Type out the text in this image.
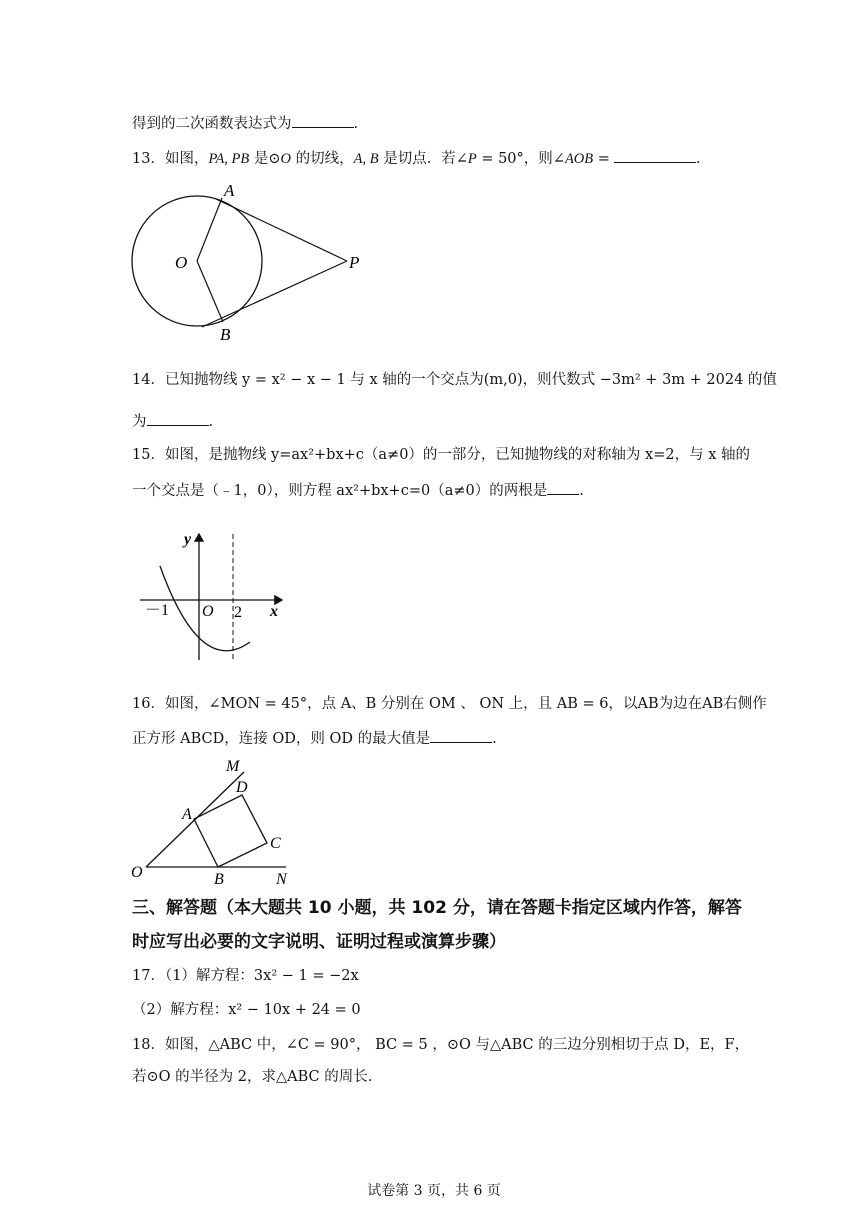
得到的二次函数表达式为	.
13．如图，PA, PB 是⊙O 的切线，A, B 是切点．若∠P = 50°，则∠AOB =	.
A
O	P
B
14．已知抛物线 y = x² − x − 1 与 x 轴的一个交点为(m,0)，则代数式 −3m² + 3m + 2024 的值
为	.
15．如图，是抛物线 y=ax²+bx+c（a≠0）的一部分，已知抛物线的对称轴为 x=2，与 x 轴的
一个交点是（﹣1，0），则方程 ax²+bx+c=0（a≠0）的两根是 .
y
x
O
－1	2
16．如图，∠MON = 45°，点 A、B 分别在 OM 、 ON 上，且 AB = 6，以AB为边在AB右侧作
正方形 ABCD，连接 OD，则 OD 的最大值是	.
M
D
A
C
O	B	N
三、解答题（本大题共 10 小题，共 102 分，请在答题卡指定区域内作答，解答
时应写出必要的文字说明、证明过程或演算步骤）
17．（1）解方程：3x² − 1 = −2x
（2）解方程：x² − 10x + 24 = 0
18．如图，△ABC 中，∠C = 90°， BC = 5 ，⊙O 与△ABC 的三边分别相切于点 D，E，F，
若⊙O 的半径为 2，求△ABC 的周长.
试卷第 3 页，共 6 页
